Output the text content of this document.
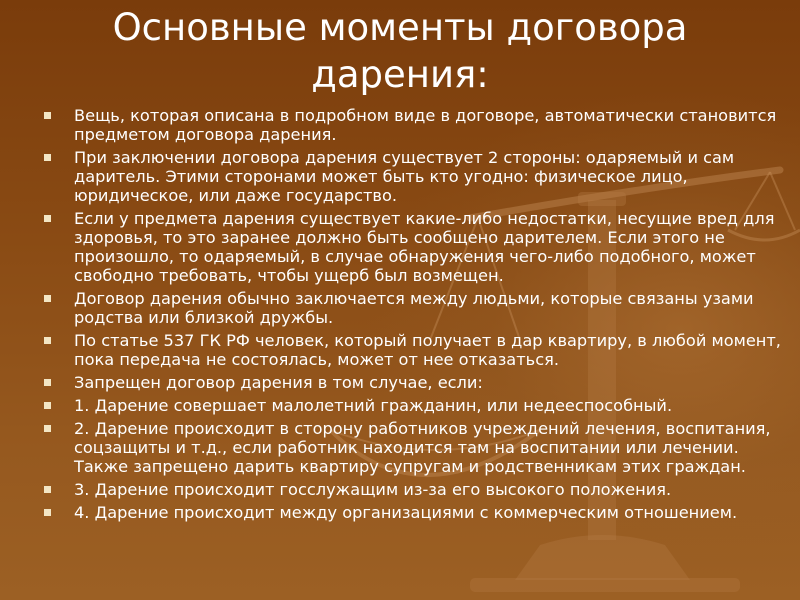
Основные моменты договора дарения:
Вещь, которая описана в подробном виде в договоре, автоматически становится предметом договора дарения.
При заключении договора дарения существует 2 стороны: одаряемый и сам даритель. Этими сторонами может быть кто угодно: физическое лицо, юридическое, или даже государство.
Если у предмета дарения существует какие-либо недостатки, несущие вред для здоровья, то это заранее должно быть сообщено дарителем. Если этого не произошло, то одаряемый, в случае обнаружения чего-либо подобного, может свободно требовать, чтобы ущерб был возмещен.
Договор дарения обычно заключается между людьми, которые связаны узами родства или близкой дружбы.
По статье 537 ГК РФ человек, который получает в дар квартиру, в любой момент, пока передача не состоялась, может от нее отказаться.
Запрещен договор дарения в том случае, если:
1. Дарение совершает малолетний гражданин, или недееспособный.
2. Дарение происходит в сторону работников учреждений лечения, воспитания, соцзащиты и т.д., если работник находится там на воспитании или лечении. Также запрещено дарить квартиру супругам и родственникам этих граждан.
3. Дарение происходит госслужащим из-за его высокого положения.
4. Дарение происходит между организациями с коммерческим отношением.
